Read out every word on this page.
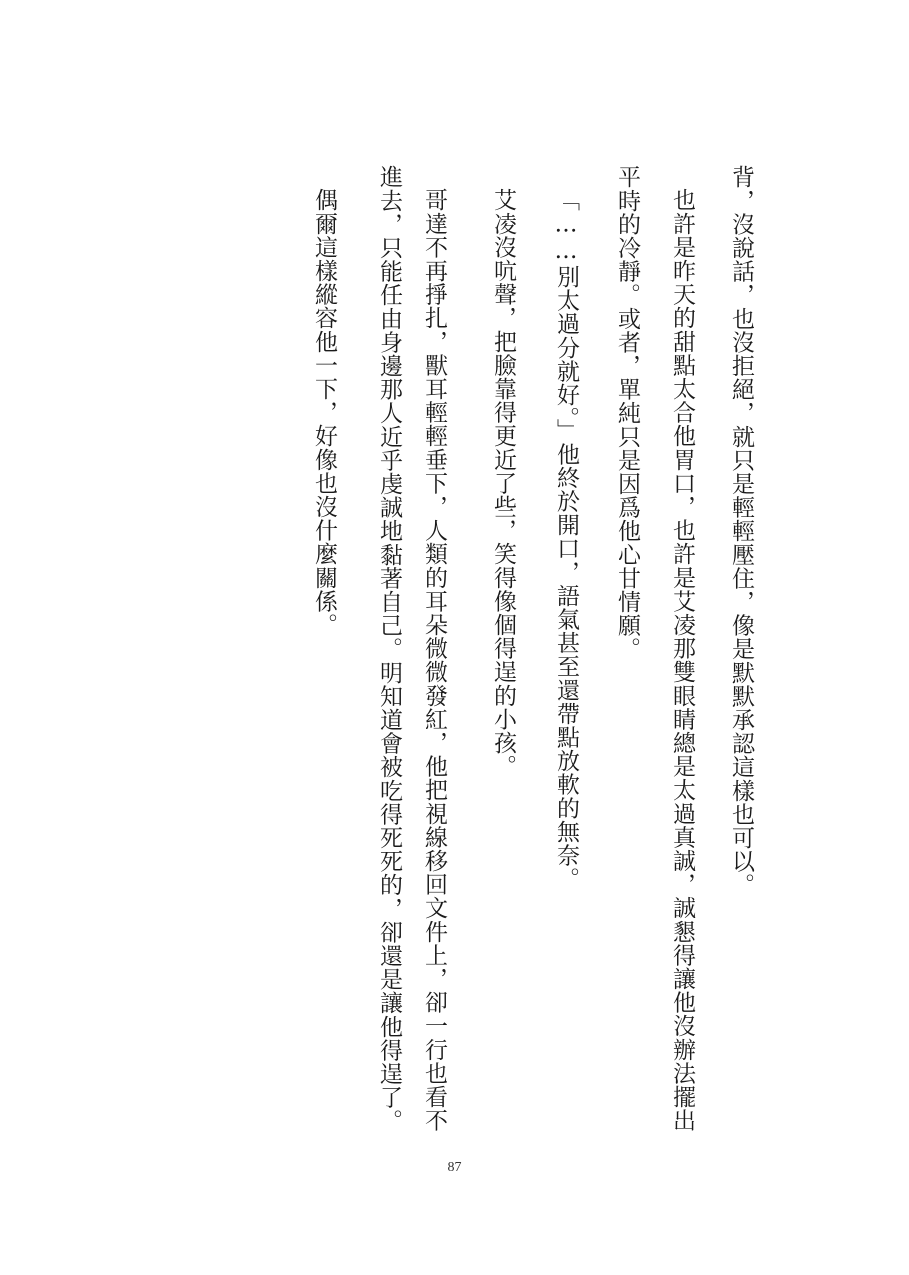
背，沒說話，也沒拒絕，就只是輕輕壓住，像是默默承認這樣也可以。
也許是昨天的甜點太合他胃口，也許是艾凌那雙眼睛總是太過真誠，誠懇得讓他沒辦法擺出
平時的冷靜。或者，單純只是因爲他心甘情願。
「……別太過分就好。」他終於開口，語氣甚至還帶點放軟的無奈。
艾凌沒吭聲，把臉靠得更近了些，笑得像個得逞的小孩。
哥達不再掙扎，獸耳輕輕垂下，人類的耳朵微微發紅，他把視線移回文件上，卻一行也看不
進去，只能任由身邊那人近乎虔誠地黏著自己。明知道會被吃得死死的，卻還是讓他得逞了。
偶爾這樣縱容他一下，好像也沒什麼關係。
87
